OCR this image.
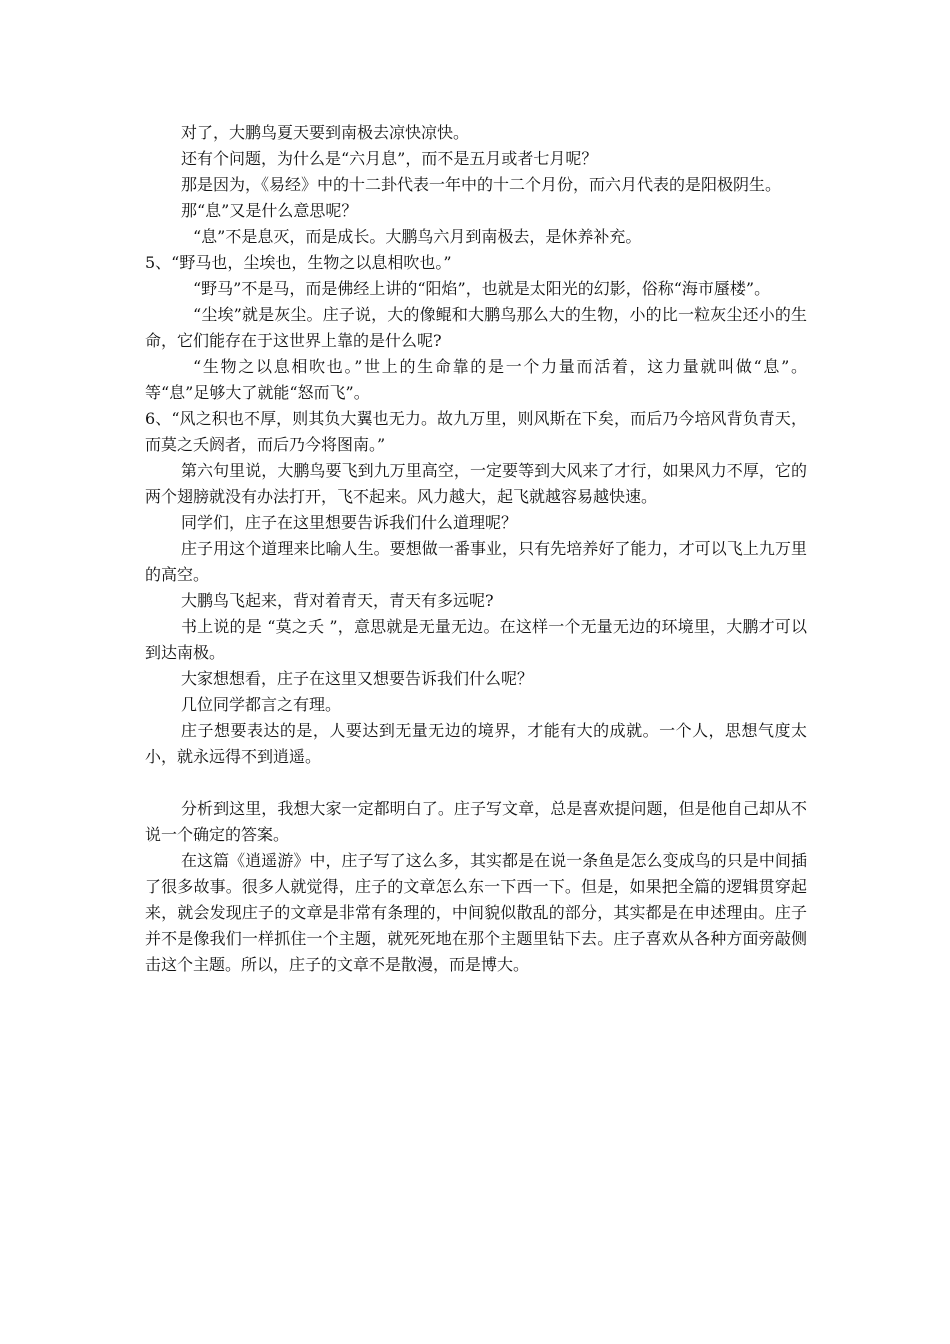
对了，大鹏鸟夏天要到南极去凉快凉快。

还有个问题，为什么是“六月息”，而不是五月或者七月呢？

那是因为，《易经》中的十二卦代表一年中的十二个月份，而六月代表的是阳极阴生。

那“息”又是什么意思呢？

“息”不是息灭，而是成长。大鹏鸟六月到南极去，是休养补充。

5、“野马也，尘埃也，生物之以息相吹也。”

“野马”不是马，而是佛经上讲的“阳焰”，也就是太阳光的幻影，俗称“海市蜃楼”。

“尘埃”就是灰尘。庄子说，大的像鲲和大鹏鸟那么大的生物，小的比一粒灰尘还小的生命，它们能存在于这世界上靠的是什么呢?

“生物之以息相吹也。”世上的生命靠的是一个力量而活着，这力量就叫做“息”。等“息”足够大了就能“怒而飞”。

6、“风之积也不厚，则其负大翼也无力。故九万里，则风斯在下矣，而后乃今培风背负青天，而莫之夭阏者，而后乃今将图南。”

第六句里说，大鹏鸟要飞到九万里高空，一定要等到大风来了才行，如果风力不厚，它的两个翅膀就没有办法打开，飞不起来。风力越大，起飞就越容易越快速。

同学们，庄子在这里想要告诉我们什么道理呢？

庄子用这个道理来比喻人生。要想做一番事业，只有先培养好了能力，才可以飞上九万里的高空。

大鹏鸟飞起来，背对着青天，青天有多远呢?

书上说的是 “莫之夭 ”，意思就是无量无边。在这样一个无量无边的环境里，大鹏才可以到达南极。

大家想想看，庄子在这里又想要告诉我们什么呢？

几位同学都言之有理。

庄子想要表达的是，人要达到无量无边的境界，才能有大的成就。一个人，思想气度太小，就永远得不到逍遥。

分析到这里，我想大家一定都明白了。庄子写文章，总是喜欢提问题，但是他自己却从不说一个确定的答案。

在这篇《逍遥游》中，庄子写了这么多，其实都是在说一条鱼是怎么变成鸟的只是中间插了很多故事。很多人就觉得，庄子的文章怎么东一下西一下。但是，如果把全篇的逻辑贯穿起来，就会发现庄子的文章是非常有条理的，中间貌似散乱的部分，其实都是在申述理由。庄子并不是像我们一样抓住一个主题，就死死地在那个主题里钻下去。庄子喜欢从各种方面旁敲侧击这个主题。所以，庄子的文章不是散漫，而是博大。
